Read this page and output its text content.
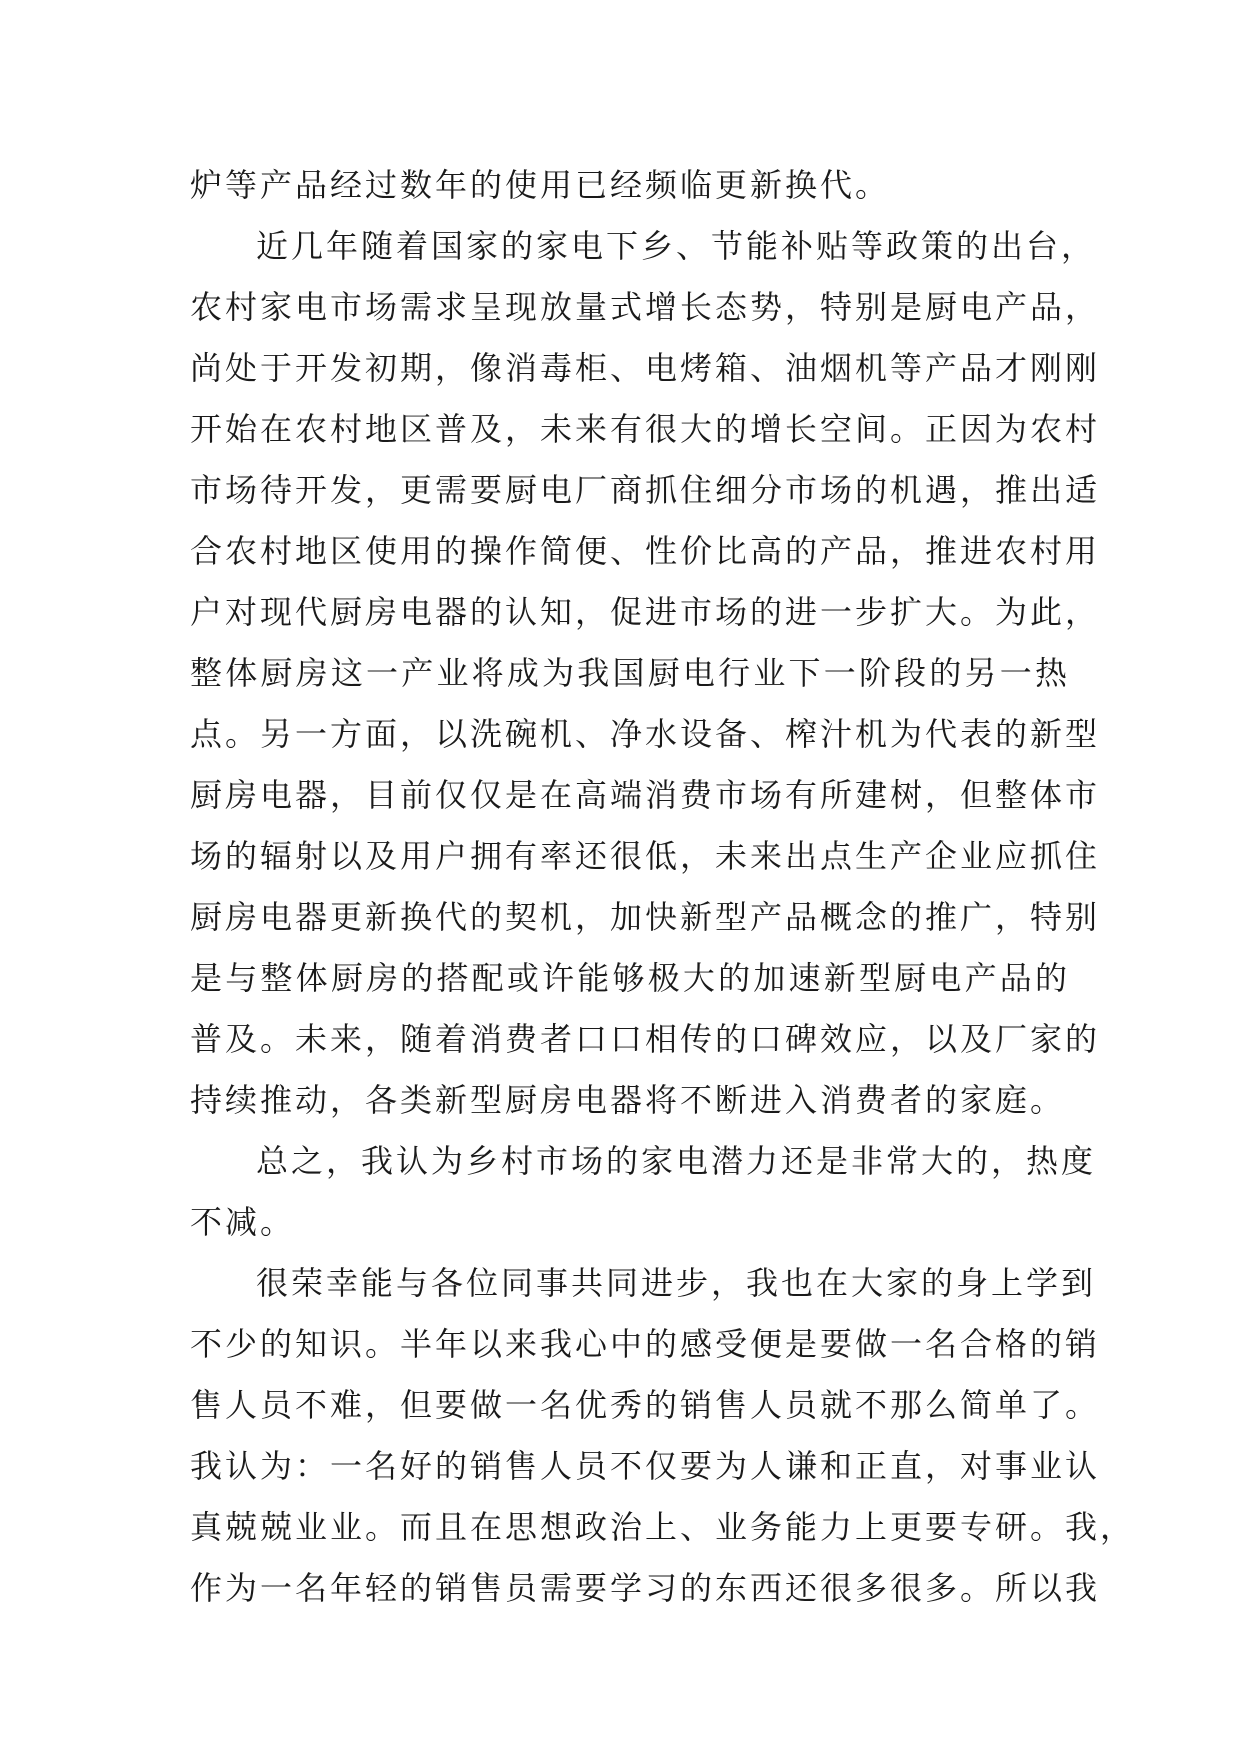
炉等产品经过数年的使用已经频临更新换代。
近几年随着国家的家电下乡、节能补贴等政策的出台，
农村家电市场需求呈现放量式增长态势，特别是厨电产品，
尚处于开发初期，像消毒柜、电烤箱、油烟机等产品才刚刚
开始在农村地区普及，未来有很大的增长空间。正因为农村
市场待开发，更需要厨电厂商抓住细分市场的机遇，推出适
合农村地区使用的操作简便、性价比高的产品，推进农村用
户对现代厨房电器的认知，促进市场的进一步扩大。为此，
整体厨房这一产业将成为我国厨电行业下一阶段的另一热
点。另一方面，以洗碗机、净水设备、榨汁机为代表的新型
厨房电器，目前仅仅是在高端消费市场有所建树，但整体市
场的辐射以及用户拥有率还很低，未来出点生产企业应抓住
厨房电器更新换代的契机，加快新型产品概念的推广，特别
是与整体厨房的搭配或许能够极大的加速新型厨电产品的
普及。未来，随着消费者口口相传的口碑效应，以及厂家的
持续推动，各类新型厨房电器将不断进入消费者的家庭。
总之，我认为乡村市场的家电潜力还是非常大的，热度
不减。
很荣幸能与各位同事共同进步，我也在大家的身上学到
不少的知识。半年以来我心中的感受便是要做一名合格的销
售人员不难，但要做一名优秀的销售人员就不那么简单了。
我认为：一名好的销售人员不仅要为人谦和正直，对事业认
真兢兢业业。而且在思想政治上、业务能力上更要专研。我，
作为一名年轻的销售员需要学习的东西还很多很多。所以我
